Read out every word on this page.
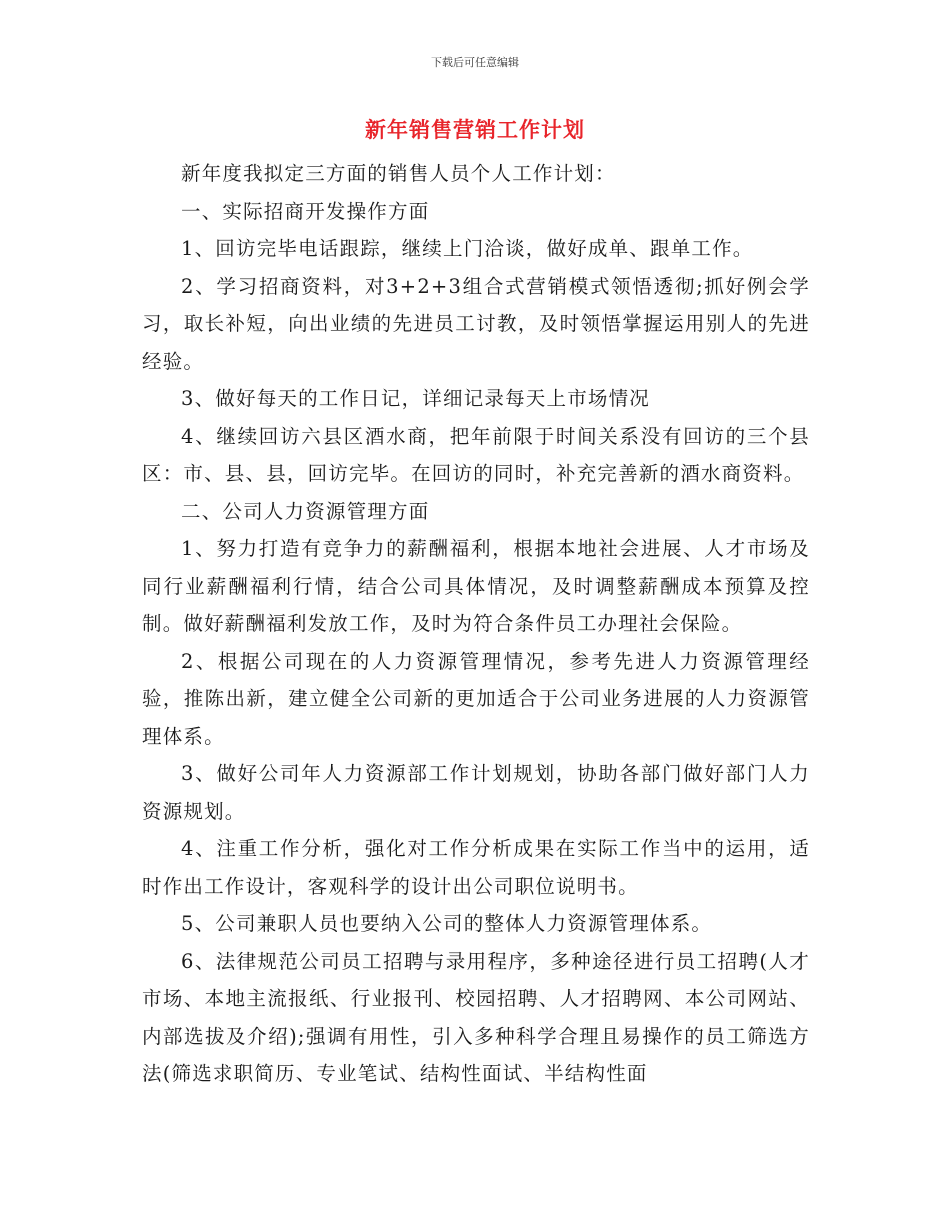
下载后可任意编辑
新年销售营销工作计划

新年度我拟定三方面的销售人员个人工作计划：

一、实际招商开发操作方面

1、回访完毕电话跟踪，继续上门洽谈，做好成单、跟单工作。

2、学习招商资料，对3+2+3组合式营销模式领悟透彻;抓好例会学习，取长补短，向出业绩的先进员工讨教，及时领悟掌握运用别人的先进经验。

3、做好每天的工作日记，详细记录每天上市场情况

4、继续回访六县区酒水商，把年前限于时间关系没有回访的三个县区：市、县、县，回访完毕。在回访的同时，补充完善新的酒水商资料。

二、公司人力资源管理方面

1、努力打造有竞争力的薪酬福利，根据本地社会进展、人才市场及同行业薪酬福利行情，结合公司具体情况，及时调整薪酬成本预算及控制。做好薪酬福利发放工作，及时为符合条件员工办理社会保险。

2、根据公司现在的人力资源管理情况，参考先进人力资源管理经验，推陈出新，建立健全公司新的更加适合于公司业务进展的人力资源管理体系。

3、做好公司年人力资源部工作计划规划，协助各部门做好部门人力资源规划。

4、注重工作分析，强化对工作分析成果在实际工作当中的运用，适时作出工作设计，客观科学的设计出公司职位说明书。

5、公司兼职人员也要纳入公司的整体人力资源管理体系。

6、法律规范公司员工招聘与录用程序，多种途径进行员工招聘(人才市场、本地主流报纸、行业报刊、校园招聘、人才招聘网、本公司网站、内部选拔及介绍);强调有用性，引入多种科学合理且易操作的员工筛选方法(筛选求职简历、专业笔试、结构性面试、半结构性面
